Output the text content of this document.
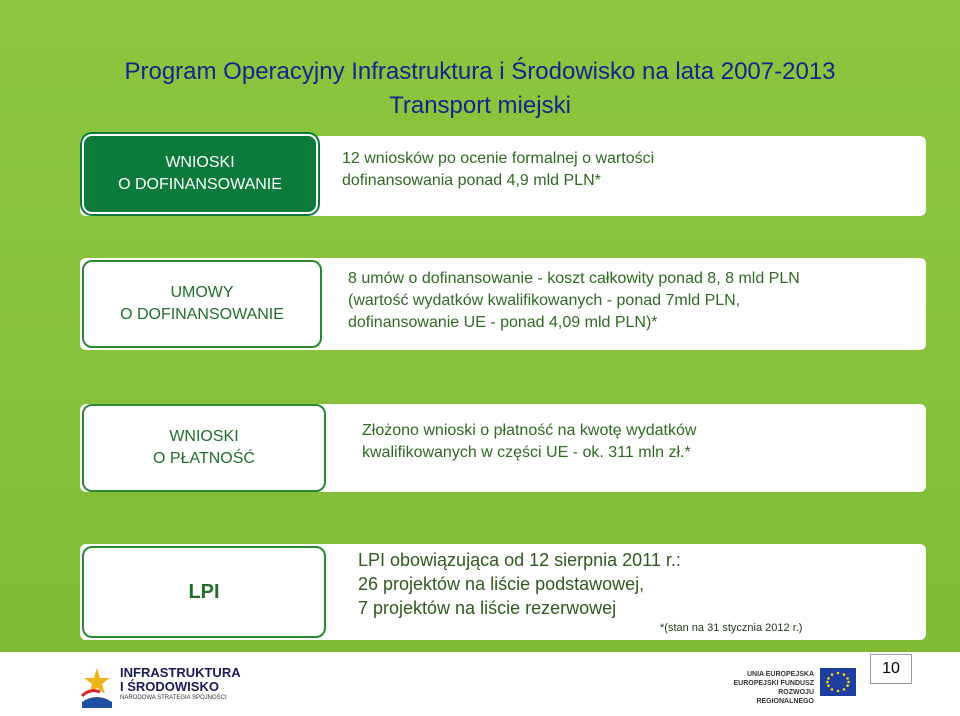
Program Operacyjny Infrastruktura i Środowisko na lata 2007-2013
Transport miejski
WNIOSKI
O DOFINANSOWANIE
12 wniosków po ocenie formalnej o wartości
dofinansowania ponad 4,9 mld PLN*
UMOWY
O DOFINANSOWANIE
8 umów o dofinansowanie - koszt całkowity ponad 8, 8 mld PLN
(wartość wydatków kwalifikowanych - ponad 7mld PLN,
dofinansowanie UE - ponad 4,09 mld PLN)*
WNIOSKI
O PŁATNOŚĆ
Złożono wnioski o płatność na kwotę wydatków
kwalifikowanych w części UE - ok. 311 mln zł.*
LPI
LPI obowiązująca od 12 sierpnia 2011 r.:
26 projektów na liście podstawowej,
7 projektów na liście rezerwowej
*(stan na 31 stycznia 2012 r.)
INFRASTRUKTURA
I ŚRODOWISKO
NARODOWA STRATEGIA SPÓJNOŚCI
UNIA EUROPEJSKA
EUROPEJSKI FUNDUSZ
ROZWOJU REGIONALNEGO
10
